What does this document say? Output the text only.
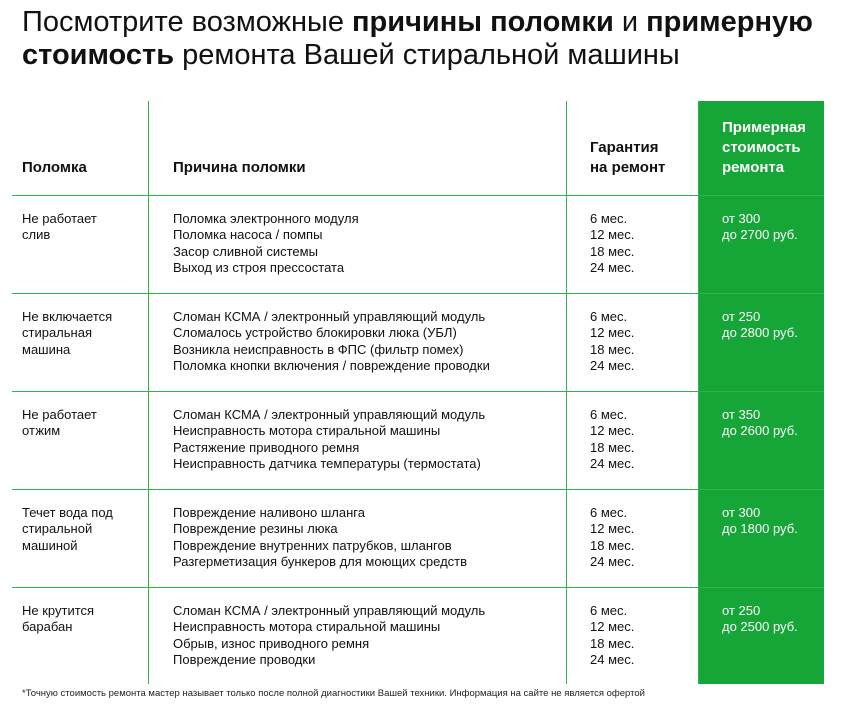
Посмотрите возможные причины поломки и примерную стоимость ремонта Вашей стиральной машины
Поломка	Причина поломки
Гарантия
на ремонт
Примерная
стоимость
ремонта
Не работает
слив
Поломка электронного модуля
Поломка насоса / помпы
Засор сливной системы
Выход из строя прессостата
6 мес.
12 мес.
18 мес.
24 мес.
от 300
до 2700 руб.
Не включается
стиральная
машина
Сломан КСМА / электронный управляющий модуль
Сломалось устройство блокировки люка (УБЛ)
Возникла неисправность в ФПС (фильтр помех)
Поломка кнопки включения / повреждение проводки
6 мес.
12 мес.
18 мес.
24 мес.
от 250
до 2800 руб.
Не работает
отжим
Сломан КСМА / электронный управляющий модуль
Неисправность мотора стиральной машины
Растяжение приводного ремня
Неисправность датчика температуры (термостата)
6 мес.
12 мес.
18 мес.
24 мес.
от 350
до 2600 руб.
Течет вода под
стиральной
машиной
Повреждение наливоно шланга
Повреждение резины люка
Повреждение внутренних патрубков, шлангов
Разгерметизация бункеров для моющих средств
6 мес.
12 мес.
18 мес.
24 мес.
от 300
до 1800 руб.
Не крутится
барабан
Сломан КСМА / электронный управляющий модуль
Неисправность мотора стиральной машины
Обрыв, износ приводного ремня
Повреждение проводки
6 мес.
12 мес.
18 мес.
24 мес.
от 250
до 2500 руб.
*Точную стоимость ремонта мастер называет только после полной диагностики Вашей техники. Информация на сайте не является офертой
